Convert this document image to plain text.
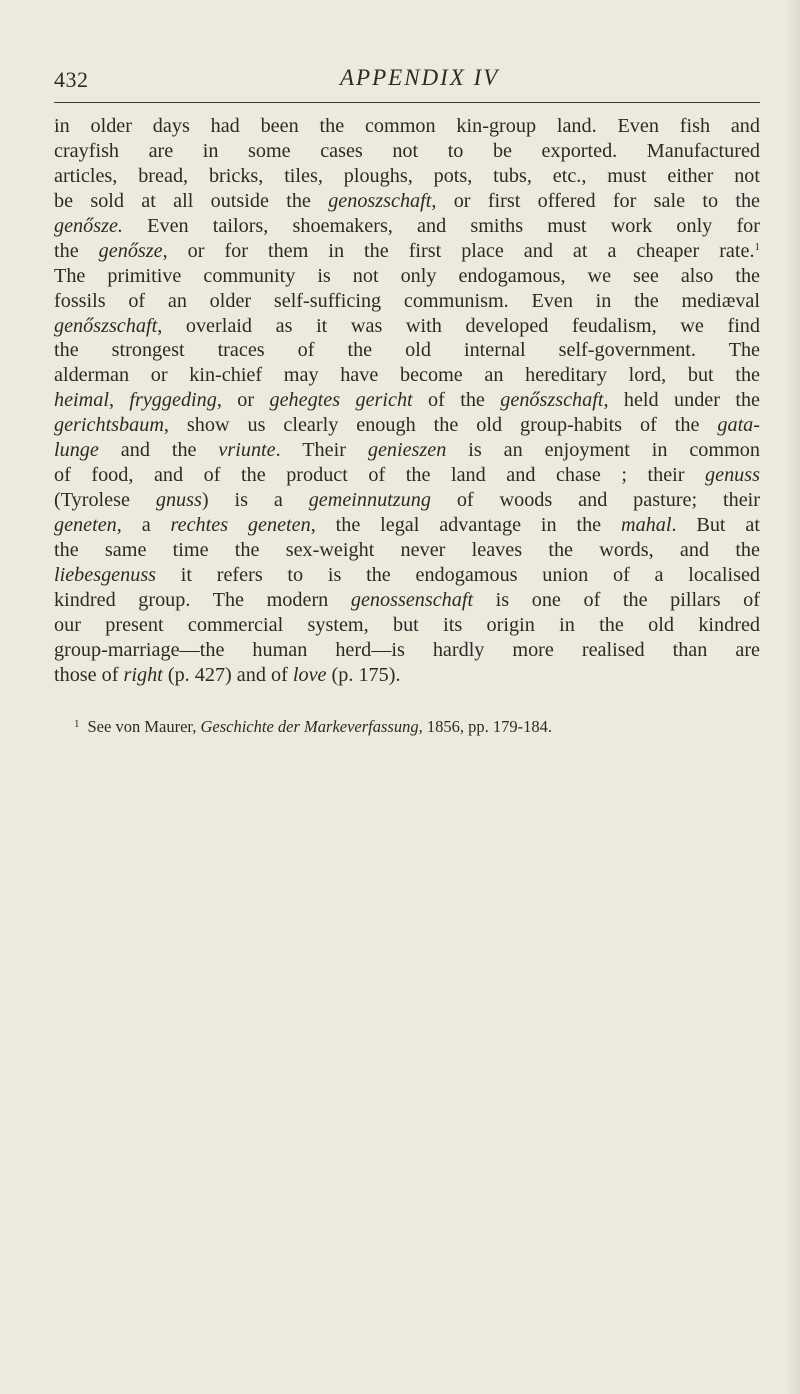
432	APPENDIX IV
in older days had been the common kin-group land. Even fish and
crayfish are in some cases not to be exported. Manufactured
articles, bread, bricks, tiles, ploughs, pots, tubs, etc., must either not
be sold at all outside the genoszschaft, or first offered for sale to the
genősze. Even tailors, shoemakers, and smiths must work only for
the genősze, or for them in the first place and at a cheaper rate.$^1$
The primitive community is not only endogamous, we see also the
fossils of an older self-sufficing communism. Even in the mediæval
genőszschaft, overlaid as it was with developed feudalism, we find
the strongest traces of the old internal self-government. The
alderman or kin-chief may have become an hereditary lord, but the
heimal, fryggeding, or gehegtes gericht of the genőszschaft, held under the
gerichtsbaum, show us clearly enough the old group-habits of the gata-
lunge and the vriunte. Their genieszen is an enjoyment in common
of food, and of the product of the land and chase ; their genuss
(Tyrolese gnuss) is a gemeinnutzung of woods and pasture; their
geneten, a rechtes geneten, the legal advantage in the mahal. But at
the same time the sex-weight never leaves the words, and the
liebesgenuss it refers to is the endogamous union of a localised
kindred group. The modern genossenschaft is one of the pillars of
our present commercial system, but its origin in the old kindred
group-marriage—the human herd—is hardly more realised than are
those of right (p. 427) and of love (p. 175).
$^1$ See von Maurer, Geschichte der Markeverfassung, 1856, pp. 179-184.
